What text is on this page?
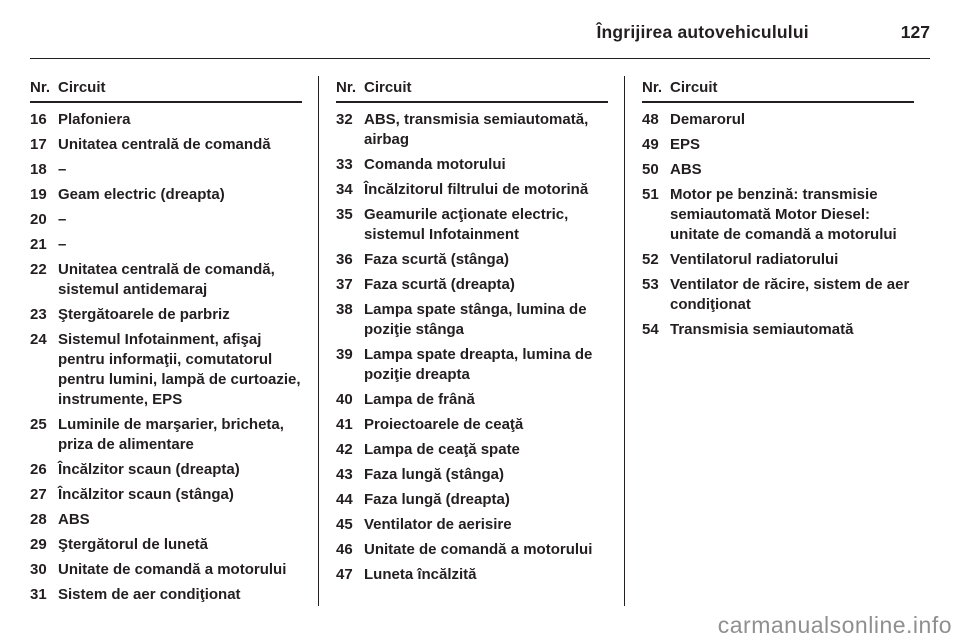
Îngrijirea autovehiculului	127
Nr. Circuit
16 Plafoniera
17 Unitatea centrală de comandă
18 –
19 Geam electric (dreapta)
20 –
21 –
22 Unitatea centrală de comandă, sistemul antidemaraj
23 Ştergătoarele de parbriz
24 Sistemul Infotainment, afişaj pentru informaţii, comutatorul pentru lumini, lampă de curtoazie, instrumente, EPS
25 Luminile de marşarier, bricheta, priza de alimentare
26 Încălzitor scaun (dreapta)
27 Încălzitor scaun (stânga)
28 ABS
29 Ştergătorul de lunetă
30 Unitate de comandă a motorului
31 Sistem de aer condiţionat
Nr. Circuit
32 ABS, transmisia semiautomată, airbag
33 Comanda motorului
34 Încălzitorul filtrului de motorină
35 Geamurile acţionate electric, sistemul Infotainment
36 Faza scurtă (stânga)
37 Faza scurtă (dreapta)
38 Lampa spate stânga, lumina de poziţie stânga
39 Lampa spate dreapta, lumina de poziţie dreapta
40 Lampa de frână
41 Proiectoarele de ceaţă
42 Lampa de ceaţă spate
43 Faza lungă (stânga)
44 Faza lungă (dreapta)
45 Ventilator de aerisire
46 Unitate de comandă a motorului
47 Luneta încălzită
Nr. Circuit
48 Demarorul
49 EPS
50 ABS
51 Motor pe benzină: transmisie semiautomată Motor Diesel: unitate de comandă a motorului
52 Ventilatorul radiatorului
53 Ventilator de răcire, sistem de aer condiţionat
54 Transmisia semiautomată
carmanualsonline.info
